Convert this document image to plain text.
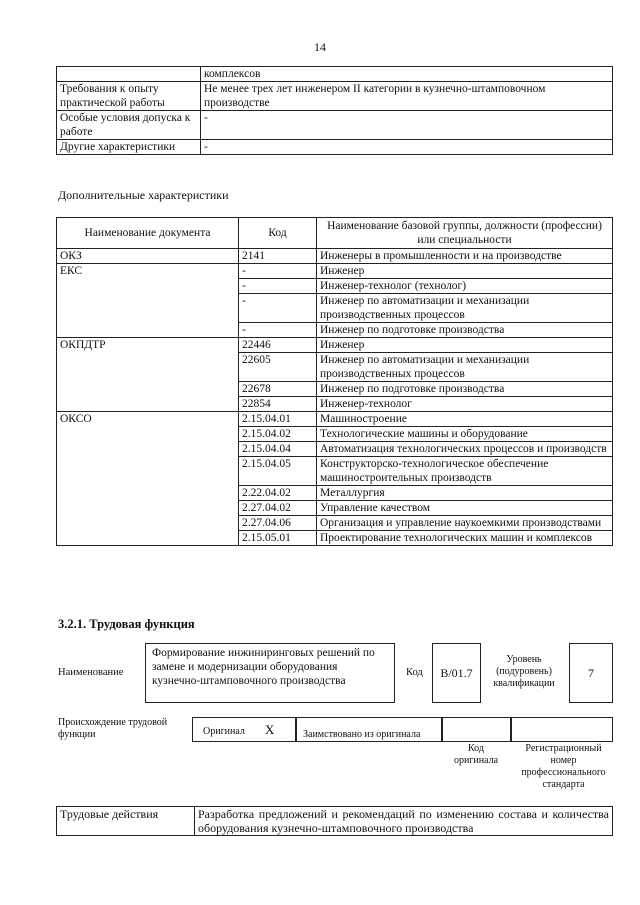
14
	комплексов
Требования к опыту практической работы	Не менее трех лет инженером II категории в кузнечно-штамповочном производстве
Особые условия допуска к работе	-
Другие характеристики	-
Дополнительные характеристики
Наименование документа	Код	Наименование базовой группы, должности (профессии) или специальности
ОКЗ	2141	Инженеры в промышленности и на производстве
ЕКС	-	Инженер
	-	Инженер-технолог (технолог)
	-	Инженер по автоматизации и механизации производственных процессов
	-	Инженер по подготовке производства
ОКПДТР	22446	Инженер
	22605	Инженер по автоматизации и механизации производственных процессов
	22678	Инженер по подготовке производства
	22854	Инженер-технолог
ОКСО	2.15.04.01	Машиностроение
	2.15.04.02	Технологические машины и оборудование
	2.15.04.04	Автоматизация технологических процессов и производств
	2.15.04.05	Конструкторско-технологическое обеспечение машиностроительных производств
	2.22.04.02	Металлургия
	2.27.04.02	Управление качеством
	2.27.04.06	Организация и управление наукоемкими производствами
	2.15.05.01	Проектирование технологических машин и комплексов
3.2.1. Трудовая функция
Наименование
Формирование инжиниринговых решений по замене и модернизации оборудования кузнечно-штамповочного производства
Код	B/01.7
Уровень (подуровень) квалификации
7
Происхождение трудовой функции	Оригинал X	Заимствовано из оригинала
Код оригинала
Регистрационный номер профессионального стандарта
Трудовые действия	Разработка предложений и рекомендаций по изменению состава и количества оборудования кузнечно-штамповочного производства
